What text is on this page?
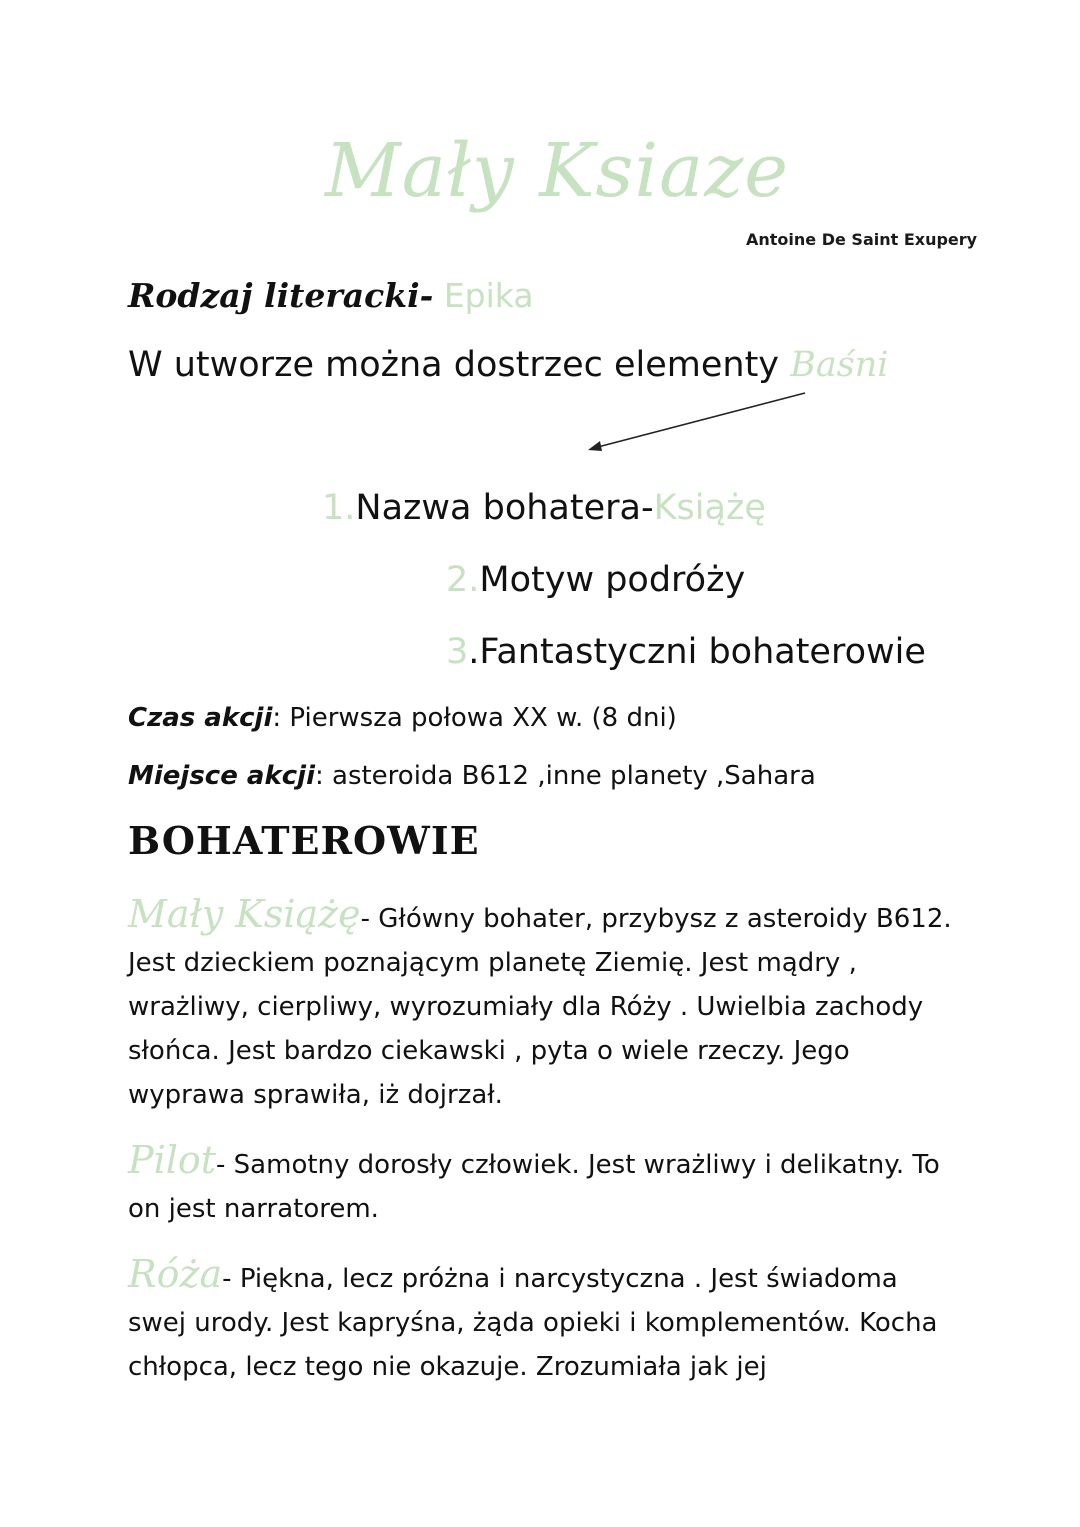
Mały Ksiaze
Antoine De Saint Exupery
Rodzaj literacki- Epika
W utworze można dostrzec elementy Baśni
1.Nazwa bohatera-Książę
2.Motyw podróży
3.Fantastyczni bohaterowie
Czas akcji: Pierwsza połowa XX w. (8 dni)
Miejsce akcji: asteroida B612 ,inne planety ,Sahara
BOHATEROWIE
Mały Książę- Główny bohater, przybysz z asteroidy B612. Jest dzieckiem poznającym planetę Ziemię. Jest mądry , wrażliwy, cierpliwy, wyrozumiały dla Róży . Uwielbia zachody słońca. Jest bardzo ciekawski , pyta o wiele rzeczy. Jego wyprawa sprawiła, iż dojrzał.
Pilot- Samotny dorosły człowiek. Jest wrażliwy i delikatny. To on jest narratorem.
Róża- Piękna, lecz próżna i narcystyczna . Jest świadoma swej urody. Jest kapryśna, żąda opieki i komplementów. Kocha chłopca, lecz tego nie okazuje. Zrozumiała jak jej
